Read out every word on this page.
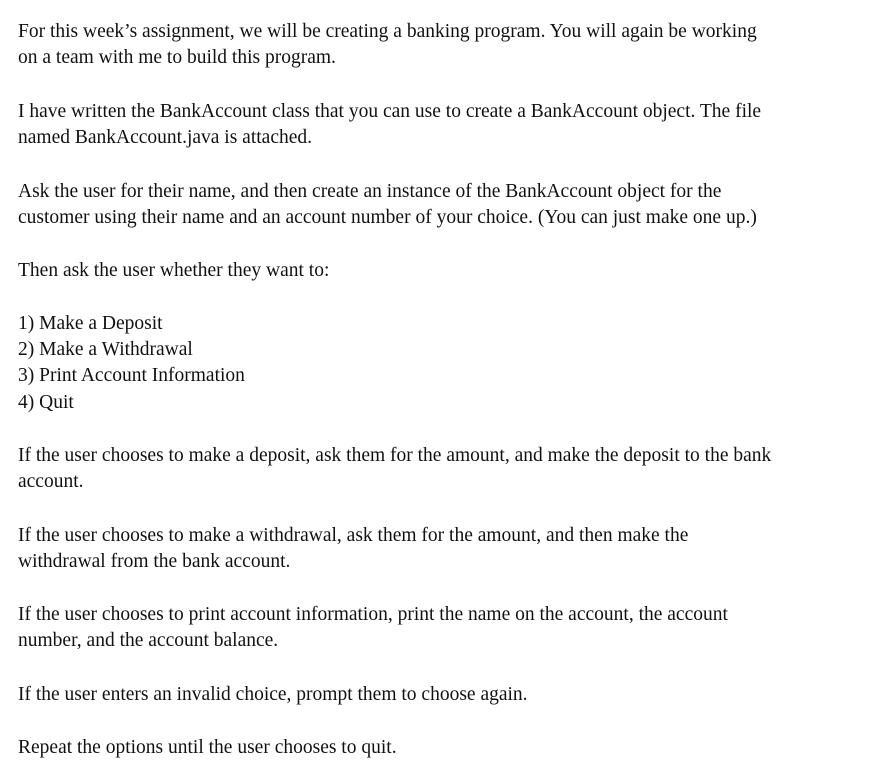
For this week’s assignment, we will be creating a banking program. You will again be working
on a team with me to build this program.
I have written the BankAccount class that you can use to create a BankAccount object. The file
named BankAccount.java is attached.
Ask the user for their name, and then create an instance of the BankAccount object for the
customer using their name and an account number of your choice. (You can just make one up.)
Then ask the user whether they want to:
1) Make a Deposit
2) Make a Withdrawal
3) Print Account Information
4) Quit
If the user chooses to make a deposit, ask them for the amount, and make the deposit to the bank
account.
If the user chooses to make a withdrawal, ask them for the amount, and then make the
withdrawal from the bank account.
If the user chooses to print account information, print the name on the account, the account
number, and the account balance.
If the user enters an invalid choice, prompt them to choose again.
Repeat the options until the user chooses to quit.
